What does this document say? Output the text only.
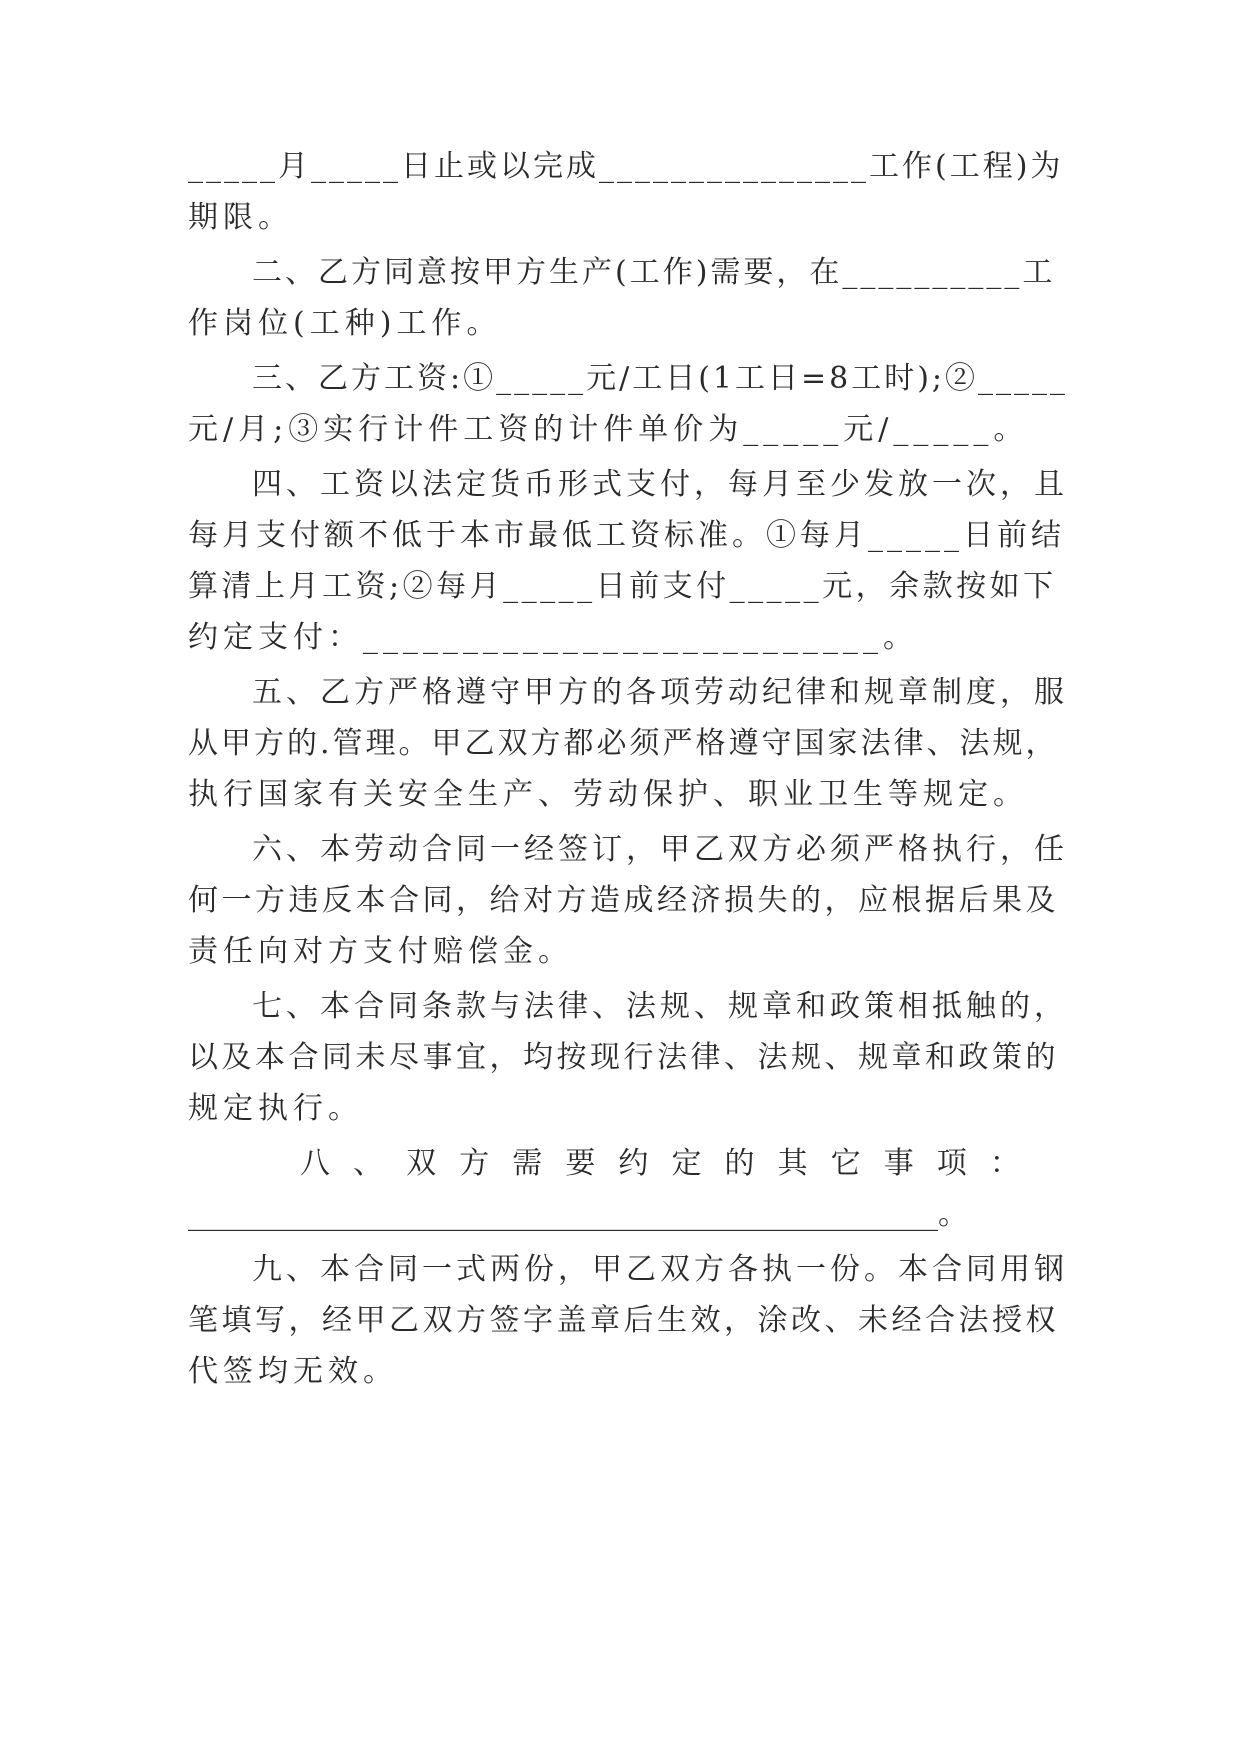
_____月_____日止或以完成_______________工作(工程)为
期限。
二、乙方同意按甲方生产(工作)需要，在__________工
作岗位(工种)工作。
三、乙方工资:①_____元/工日(1工日=8工时);②_____
元/月;③实行计件工资的计件单价为_____元/_____。
四、工资以法定货币形式支付，每月至少发放一次，且
每月支付额不低于本市最低工资标准。①每月_____日前结
算清上月工资;②每月_____日前支付_____元，余款按如下
约定支付：__________________________。
五、乙方严格遵守甲方的各项劳动纪律和规章制度，服
从甲方的.管理。甲乙双方都必须严格遵守国家法律、法规，
执行国家有关安全生产、劳动保护、职业卫生等规定。
六、本劳动合同一经签订，甲乙双方必须严格执行，任
何一方违反本合同，给对方造成经济损失的，应根据后果及
责任向对方支付赔偿金。
七、本合同条款与法律、法规、规章和政策相抵触的，
以及本合同未尽事宜，均按现行法律、法规、规章和政策的
规定执行。
八 、 双 方 需 要 约 定 的 其 它 事 项 ：
__________________________________________________。
九、本合同一式两份，甲乙双方各执一份。本合同用钢
笔填写，经甲乙双方签字盖章后生效，涂改、未经合法授权
代签均无效。
